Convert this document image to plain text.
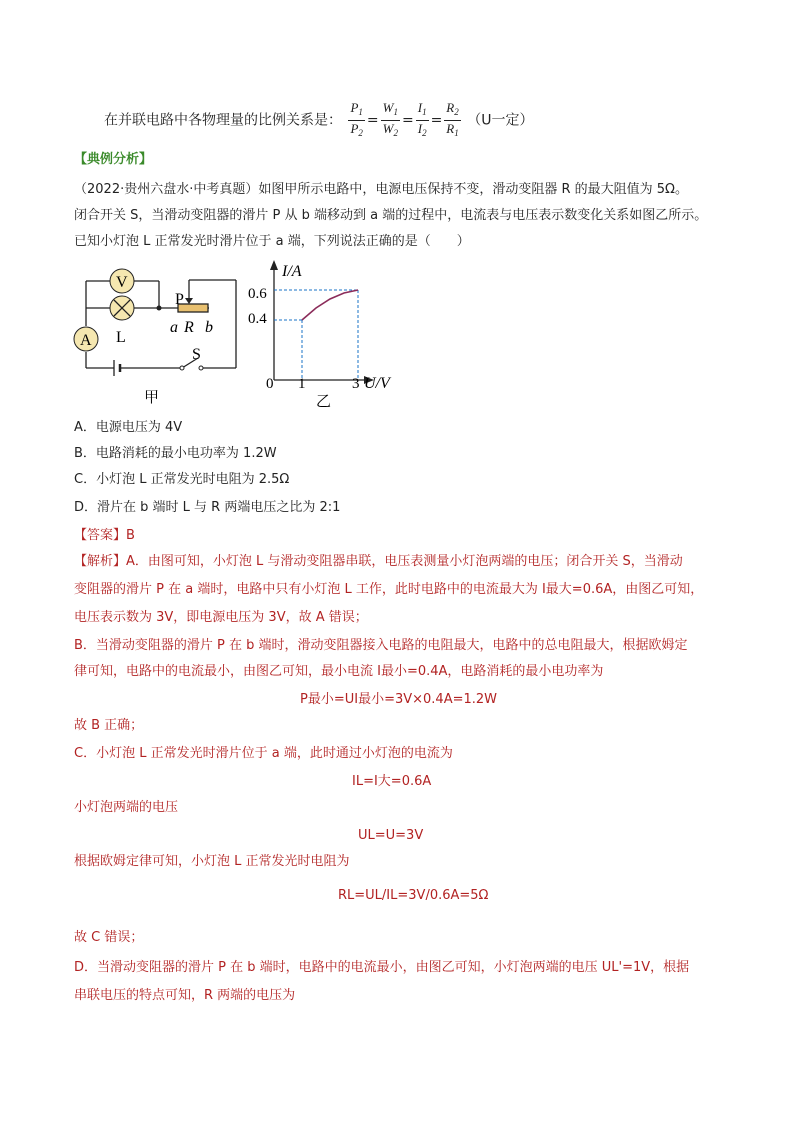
在并联电路中各物理量的比例关系是： $\frac{P_1}{P_2} = \frac{W_1}{W_2} = \frac{I_1}{I_2} = \frac{R_2}{R_1} (U$一定）
【典例分析】
（2022·贵州六盘水·中考真题）如图甲所示电路中，电源电压保持不变，滑动变阻器 R 的最大阻值为 5Ω。
闭合开关 S，当滑动变阻器的滑片 P 从 b 端移动到 a 端的过程中，电流表与电压表示数变化关系如图乙所示。
已知小灯泡 L 正常发光时滑片位于 a 端，下列说法正确的是（　　）
V
L
A
P
a R b
S
甲
I/A
0.6
0.4
0 1	3 U/V
乙
A．电源电压为 4V
B．电路消耗的最小电功率为 1.2W
C．小灯泡 L 正常发光时电阻为 2.5Ω
D．滑片在 b 端时 L 与 R 两端电压之比为 2:1
【答案】B
【解析】A．由图可知，小灯泡 L 与滑动变阻器串联，电压表测量小灯泡两端的电压；闭合开关 S，当滑动
变阻器的滑片 P 在 a 端时，电路中只有小灯泡 L 工作，此时电路中的电流最大为 I最大=0.6A，由图乙可知，
电压表示数为 3V，即电源电压为 3V，故 A 错误；
B．当滑动变阻器的滑片 P 在 b 端时，滑动变阻器接入电路的电阻最大，电路中的总电阻最大，根据欧姆定
律可知，电路中的电流最小，由图乙可知，最小电流 I最小=0.4A，电路消耗的最小电功率为
P最小=UI最小=3V×0.4A=1.2W
故 B 正确；
C．小灯泡 L 正常发光时滑片位于 a 端，此时通过小灯泡的电流为
IL=I大=0.6A
小灯泡两端的电压
UL=U=3V
根据欧姆定律可知，小灯泡 L 正常发光时电阻为
RL=UL/IL=3V/0.6A=5Ω
故 C 错误；
D．当滑动变阻器的滑片 P 在 b 端时，电路中的电流最小，由图乙可知，小灯泡两端的电压 UL'=1V，根据
串联电压的特点可知，R 两端的电压为
